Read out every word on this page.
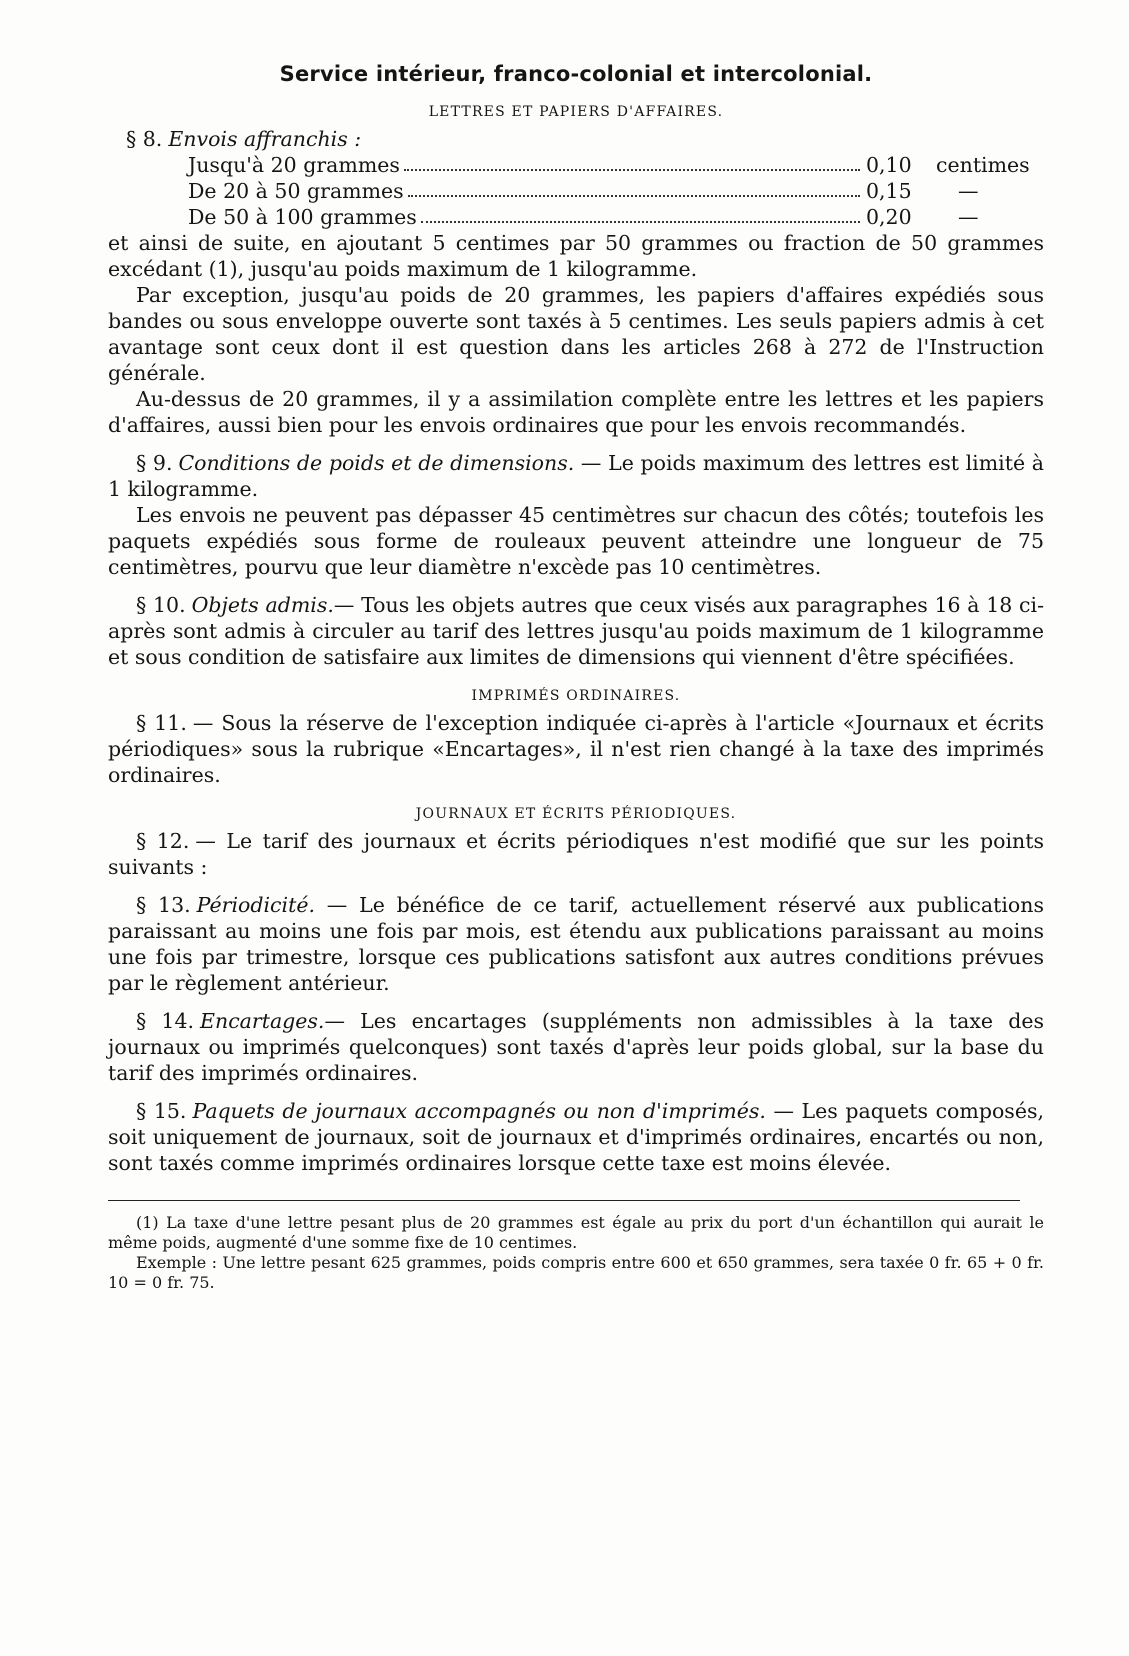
Service intérieur, franco-colonial et intercolonial.
LETTRES ET PAPIERS D'AFFAIRES.

§ 8. Envois affranchis :

Jusqu'à 20 grammes	0,10	centimes
De 20 à 50 grammes	0,15	—
De 50 à 100 grammes	0,20	—

et ainsi de suite, en ajoutant 5 centimes par 50 grammes ou fraction de 50 grammes excédant (1), jusqu'au poids maximum de 1 kilogramme.

Par exception, jusqu'au poids de 20 grammes, les papiers d'affaires expédiés sous bandes ou sous enveloppe ouverte sont taxés à 5 centimes. Les seuls papiers admis à cet avantage sont ceux dont il est question dans les articles 268 à 272 de l'Instruction générale.

Au-dessus de 20 grammes, il y a assimilation complète entre les lettres et les papiers d'affaires, aussi bien pour les envois ordinaires que pour les envois recommandés.

§ 9. Conditions de poids et de dimensions. — Le poids maximum des lettres est limité à 1 kilogramme.

Les envois ne peuvent pas dépasser 45 centimètres sur chacun des côtés; toutefois les paquets expédiés sous forme de rouleaux peuvent atteindre une longueur de 75 centimètres, pourvu que leur diamètre n'excède pas 10 centimètres.

§ 10. Objets admis.— Tous les objets autres que ceux visés aux paragraphes 16 à 18 ci-après sont admis à circuler au tarif des lettres jusqu'au poids maximum de 1 kilogramme et sous condition de satisfaire aux limites de dimensions qui viennent d'être spécifiées.

IMPRIMÉS ORDINAIRES.

§ 11. — Sous la réserve de l'exception indiquée ci-après à l'article «Journaux et écrits périodiques» sous la rubrique «Encartages», il n'est rien changé à la taxe des imprimés ordinaires.

JOURNAUX ET ÉCRITS PÉRIODIQUES.

§ 12. — Le tarif des journaux et écrits périodiques n'est modifié que sur les points suivants :

§ 13. Périodicité. — Le bénéfice de ce tarif, actuellement réservé aux publications paraissant au moins une fois par mois, est étendu aux publications paraissant au moins une fois par trimestre, lorsque ces publications satisfont aux autres conditions prévues par le règlement antérieur.

§ 14. Encartages.— Les encartages (suppléments non admissibles à la taxe des journaux ou imprimés quelconques) sont taxés d'après leur poids global, sur la base du tarif des imprimés ordinaires.

§ 15. Paquets de journaux accompagnés ou non d'imprimés. — Les paquets composés, soit uniquement de journaux, soit de journaux et d'imprimés ordinaires, encartés ou non, sont taxés comme imprimés ordinaires lorsque cette taxe est moins élevée.

(1) La taxe d'une lettre pesant plus de 20 grammes est égale au prix du port d'un échantillon qui aurait le même poids, augmenté d'une somme fixe de 10 centimes.

Exemple : Une lettre pesant 625 grammes, poids compris entre 600 et 650 grammes, sera taxée 0 fr. 65 + 0 fr. 10 = 0 fr. 75.
